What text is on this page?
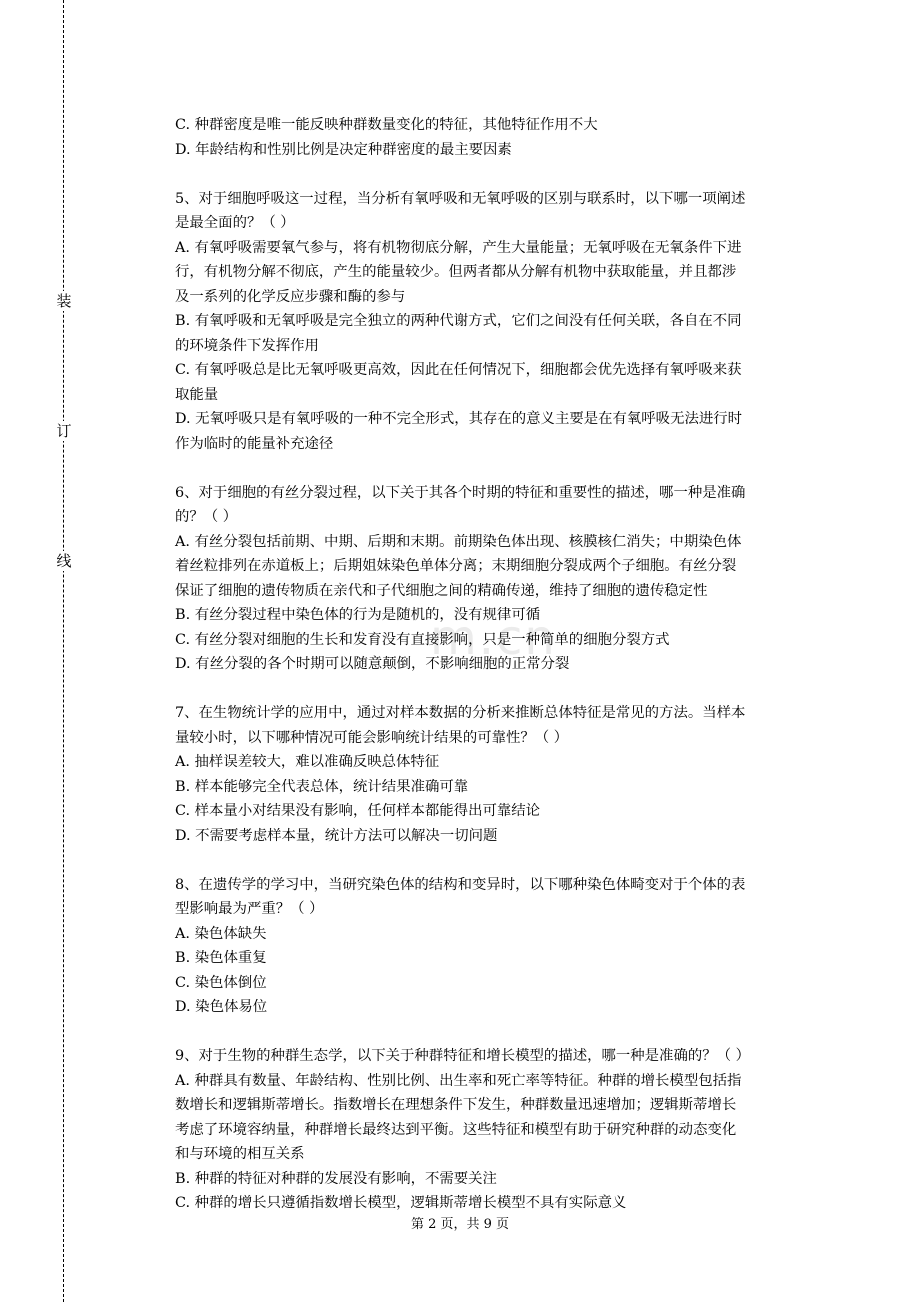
装
订
线
m.cn
C. 种群密度是唯一能反映种群数量变化的特征，其他特征作用不大
D. 年龄结构和性别比例是决定种群密度的最主要因素
5、对于细胞呼吸这一过程，当分析有氧呼吸和无氧呼吸的区别与联系时，以下哪一项阐述
是最全面的？（ ）
A. 有氧呼吸需要氧气参与，将有机物彻底分解，产生大量能量；无氧呼吸在无氧条件下进
行，有机物分解不彻底，产生的能量较少。但两者都从分解有机物中获取能量，并且都涉
及一系列的化学反应步骤和酶的参与
B. 有氧呼吸和无氧呼吸是完全独立的两种代谢方式，它们之间没有任何关联，各自在不同
的环境条件下发挥作用
C. 有氧呼吸总是比无氧呼吸更高效，因此在任何情况下，细胞都会优先选择有氧呼吸来获
取能量
D. 无氧呼吸只是有氧呼吸的一种不完全形式，其存在的意义主要是在有氧呼吸无法进行时
作为临时的能量补充途径
6、对于细胞的有丝分裂过程，以下关于其各个时期的特征和重要性的描述，哪一种是准确
的？（ ）
A. 有丝分裂包括前期、中期、后期和末期。前期染色体出现、核膜核仁消失；中期染色体
着丝粒排列在赤道板上；后期姐妹染色单体分离；末期细胞分裂成两个子细胞。有丝分裂
保证了细胞的遗传物质在亲代和子代细胞之间的精确传递，维持了细胞的遗传稳定性
B. 有丝分裂过程中染色体的行为是随机的，没有规律可循
C. 有丝分裂对细胞的生长和发育没有直接影响，只是一种简单的细胞分裂方式
D. 有丝分裂的各个时期可以随意颠倒，不影响细胞的正常分裂
7、在生物统计学的应用中，通过对样本数据的分析来推断总体特征是常见的方法。当样本
量较小时，以下哪种情况可能会影响统计结果的可靠性？（ ）
A. 抽样误差较大，难以准确反映总体特征
B. 样本能够完全代表总体，统计结果准确可靠
C. 样本量小对结果没有影响，任何样本都能得出可靠结论
D. 不需要考虑样本量，统计方法可以解决一切问题
8、在遗传学的学习中，当研究染色体的结构和变异时，以下哪种染色体畸变对于个体的表
型影响最为严重？（ ）
A. 染色体缺失
B. 染色体重复
C. 染色体倒位
D. 染色体易位
9、对于生物的种群生态学，以下关于种群特征和增长模型的描述，哪一种是准确的？（ ）
A. 种群具有数量、年龄结构、性别比例、出生率和死亡率等特征。种群的增长模型包括指
数增长和逻辑斯蒂增长。指数增长在理想条件下发生，种群数量迅速增加；逻辑斯蒂增长
考虑了环境容纳量，种群增长最终达到平衡。这些特征和模型有助于研究种群的动态变化
和与环境的相互关系
B. 种群的特征对种群的发展没有影响，不需要关注
C. 种群的增长只遵循指数增长模型，逻辑斯蒂增长模型不具有实际意义
第 2 页，共 9 页
